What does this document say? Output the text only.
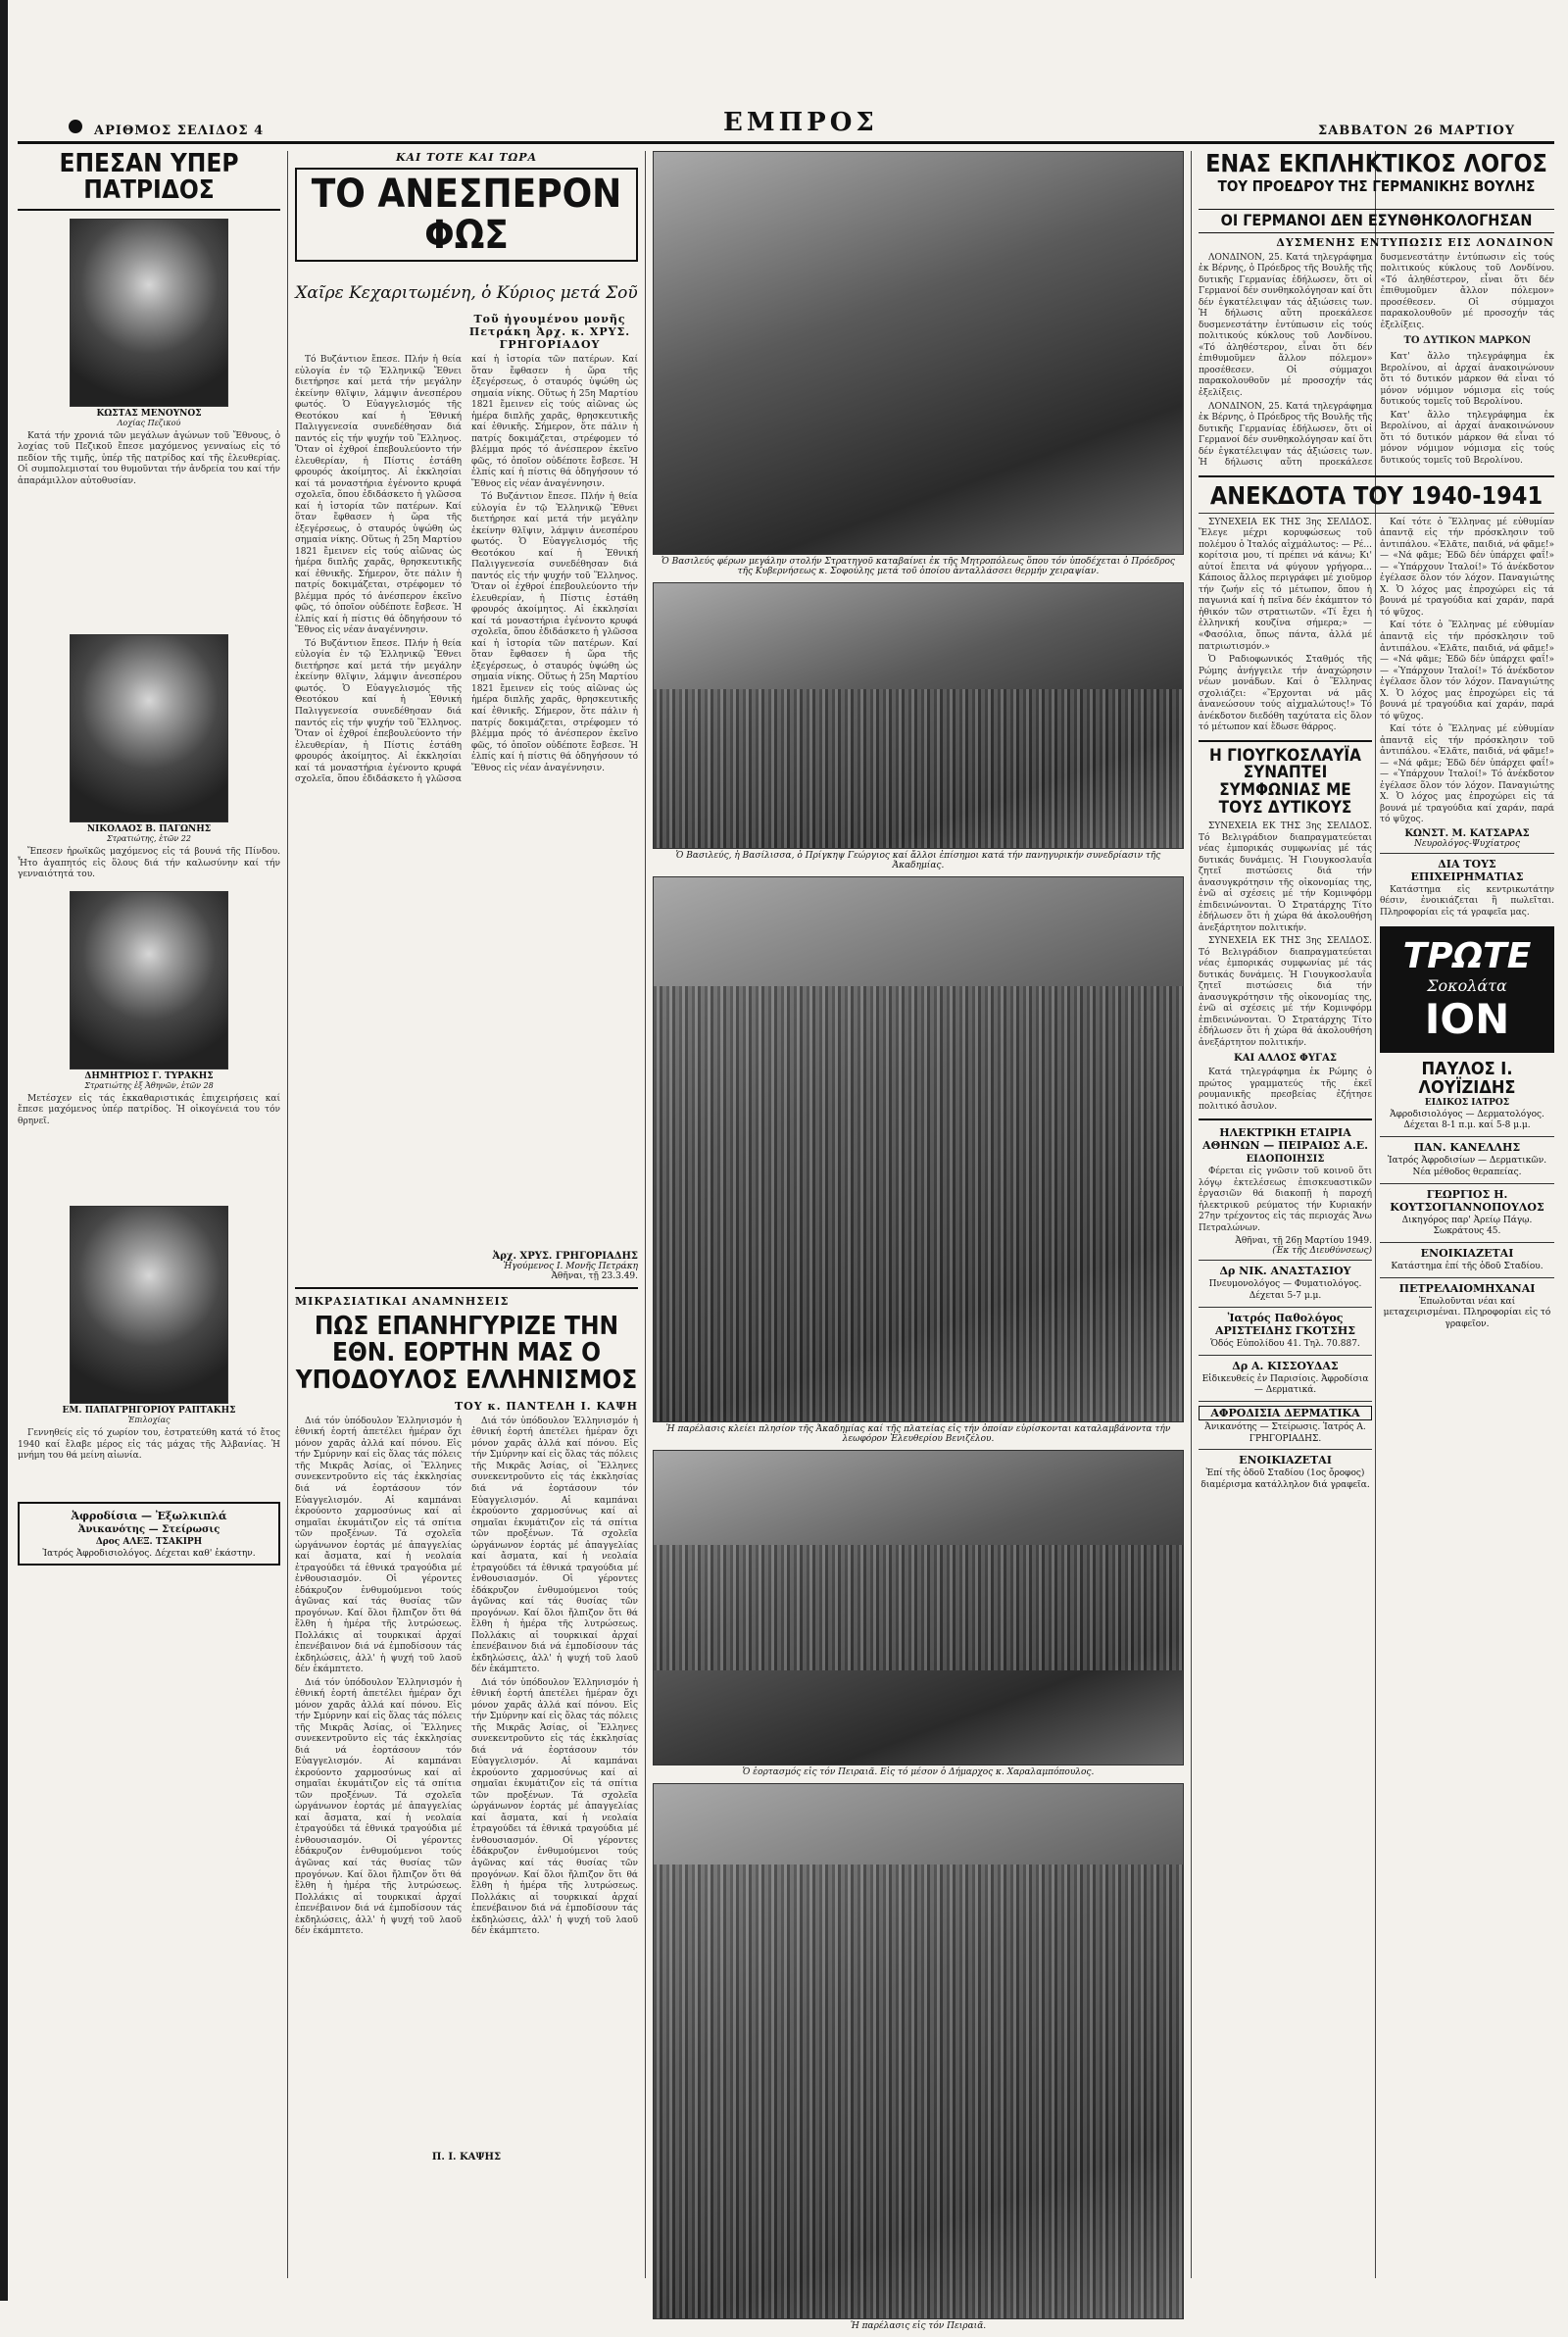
ΑΡΙΘΜΟΣ ΣΕΛΙΔΟΣ 4	ΕΜΠΡΟΣ	ΣΑΒΒΑΤΟΝ 26 ΜΑΡΤΙΟΥ
ΕΠΕΣΑΝ ΥΠΕΡ ΠΑΤΡΙΔΟΣ
ΚΩΣΤΑΣ ΜΕΝΟΥΝΟΣ
Λοχίας Πεζικού

Κατά τήν χρονιά τῶν μεγάλων ἀγώνων τοῦ Ἔθνους, ὁ λοχίας τοῦ Πεζικοῦ ἔπεσε μαχόμενος γενναίως εἰς τό πεδίον τῆς τιμῆς, ὑπέρ τῆς πατρίδος καί τῆς ἐλευθερίας. Οἱ συμπολεμισταί του θυμοῦνται τήν ἀνδρεία του καί τήν ἀπαράμιλλον αὐτοθυσίαν.

ΝΙΚΟΛΑΟΣ Β. ΠΑΓΩΝΗΣ
Στρατιώτης, ἐτῶν 22

Ἔπεσεν ἡρωϊκῶς μαχόμενος εἰς τά βουνά τῆς Πίνδου. Ἦτο ἀγαπητός εἰς ὅλους διά τήν καλωσύνην καί τήν γενναιότητά του.

ΔΗΜΗΤΡΙΟΣ Γ. ΤΥΡΑΚΗΣ
Στρατιώτης ἐξ Ἀθηνῶν, ἐτῶν 28

Μετέσχεν εἰς τάς ἐκκαθαριστικάς ἐπιχειρήσεις καί ἔπεσε μαχόμενος ὑπέρ πατρίδος. Ἡ οἰκογένειά του τόν θρηνεῖ.

ΕΜ. ΠΑΠΑΓΡΗΓΟΡΙΟΥ ΡΑΠΤΑΚΗΣ
Ἐπιλοχίας

Γεννηθείς εἰς τό χωρίον του, ἐστρατεύθη κατά τό ἔτος 1940 καί ἔλαβε μέρος εἰς τάς μάχας τῆς Ἀλβανίας. Ἡ μνήμη του θά μείνη αἰωνία.

Ἀφροδίσια — Ἐξωλκιπλά
Ἀνικανότης — Στείρωσις
Δρος ΑΛΕΞ. ΤΣΑΚΙΡΗ
Ἰατρός Ἀφροδισιολόγος. Δέχεται καθ' ἑκάστην.
ΚΑΙ ΤΟΤΕ ΚΑΙ ΤΩΡΑ
ΤΟ ΑΝΕΣΠΕΡΟΝ ΦΩΣ
Χαῖρε Κεχαριτωμένη, ὁ Κύριος μετά Σοῦ
Τοῦ ἡγουμένου μονῆς Πετράκη Ἀρχ. κ. ΧΡΥΣ. ΓΡΗΓΟΡΙΑΔΟΥ

Τό Βυζάντιον ἔπεσε. Πλήν ἡ θεία εὐλογία ἐν τῷ Ἑλληνικῷ Ἔθνει διετήρησε καί μετά τήν μεγάλην ἐκείνην θλῖψιν, λάμψιν ἀνεσπέρου φωτός. Ὁ Εὐαγγελισμός τῆς Θεοτόκου καί ἡ Ἐθνική Παλιγγενεσία συνεδέθησαν διά παντός εἰς τήν ψυχήν τοῦ Ἕλληνος. Ὅταν οἱ ἐχθροί ἐπεβουλεύοντο τήν ἐλευθερίαν, ἡ Πίστις ἐστάθη φρουρός ἀκοίμητος. Αἱ ἐκκλησίαι καί τά μοναστήρια ἐγένοντο κρυφά σχολεῖα, ὅπου ἐδιδάσκετο ἡ γλῶσσα καί ἡ ἱστορία τῶν πατέρων. Καί ὅταν ἔφθασεν ἡ ὥρα τῆς ἐξεγέρσεως, ὁ σταυρός ὑψώθη ὡς σημαία νίκης. Οὕτως ἡ 25η Μαρτίου 1821 ἔμεινεν εἰς τούς αἰῶνας ὡς ἡμέρα διπλῆς χαρᾶς, θρησκευτικῆς καί ἐθνικῆς. Σήμερον, ὅτε πάλιν ἡ πατρίς δοκιμάζεται, στρέφομεν τό βλέμμα πρός τό ἀνέσπερον ἐκεῖνο φῶς, τό ὁποῖον οὐδέποτε ἔσβεσε. Ἡ ἐλπίς καί ἡ πίστις θά ὁδηγήσουν τό Ἔθνος εἰς νέαν ἀναγέννησιν.

Τό Βυζάντιον ἔπεσε. Πλήν ἡ θεία εὐλογία ἐν τῷ Ἑλληνικῷ Ἔθνει διετήρησε καί μετά τήν μεγάλην ἐκείνην θλῖψιν, λάμψιν ἀνεσπέρου φωτός. Ὁ Εὐαγγελισμός τῆς Θεοτόκου καί ἡ Ἐθνική Παλιγγενεσία συνεδέθησαν διά παντός εἰς τήν ψυχήν τοῦ Ἕλληνος. Ὅταν οἱ ἐχθροί ἐπεβουλεύοντο τήν ἐλευθερίαν, ἡ Πίστις ἐστάθη φρουρός ἀκοίμητος. Αἱ ἐκκλησίαι καί τά μοναστήρια ἐγένοντο κρυφά σχολεῖα, ὅπου ἐδιδάσκετο ἡ γλῶσσα καί ἡ ἱστορία τῶν πατέρων. Καί ὅταν ἔφθασεν ἡ ὥρα τῆς ἐξεγέρσεως, ὁ σταυρός ὑψώθη ὡς σημαία νίκης. Οὕτως ἡ 25η Μαρτίου 1821 ἔμεινεν εἰς τούς αἰῶνας ὡς ἡμέρα διπλῆς χαρᾶς, θρησκευτικῆς καί ἐθνικῆς. Σήμερον, ὅτε πάλιν ἡ πατρίς δοκιμάζεται, στρέφομεν τό βλέμμα πρός τό ἀνέσπερον ἐκεῖνο φῶς, τό ὁποῖον οὐδέποτε ἔσβεσε. Ἡ ἐλπίς καί ἡ πίστις θά ὁδηγήσουν τό Ἔθνος εἰς νέαν ἀναγέννησιν.

Τό Βυζάντιον ἔπεσε. Πλήν ἡ θεία εὐλογία ἐν τῷ Ἑλληνικῷ Ἔθνει διετήρησε καί μετά τήν μεγάλην ἐκείνην θλῖψιν, λάμψιν ἀνεσπέρου φωτός. Ὁ Εὐαγγελισμός τῆς Θεοτόκου καί ἡ Ἐθνική Παλιγγενεσία συνεδέθησαν διά παντός εἰς τήν ψυχήν τοῦ Ἕλληνος. Ὅταν οἱ ἐχθροί ἐπεβουλεύοντο τήν ἐλευθερίαν, ἡ Πίστις ἐστάθη φρουρός ἀκοίμητος. Αἱ ἐκκλησίαι καί τά μοναστήρια ἐγένοντο κρυφά σχολεῖα, ὅπου ἐδιδάσκετο ἡ γλῶσσα καί ἡ ἱστορία τῶν πατέρων. Καί ὅταν ἔφθασεν ἡ ὥρα τῆς ἐξεγέρσεως, ὁ σταυρός ὑψώθη ὡς σημαία νίκης. Οὕτως ἡ 25η Μαρτίου 1821 ἔμεινεν εἰς τούς αἰῶνας ὡς ἡμέρα διπλῆς χαρᾶς, θρησκευτικῆς καί ἐθνικῆς. Σήμερον, ὅτε πάλιν ἡ πατρίς δοκιμάζεται, στρέφομεν τό βλέμμα πρός τό ἀνέσπερον ἐκεῖνο φῶς, τό ὁποῖον οὐδέποτε ἔσβεσε. Ἡ ἐλπίς καί ἡ πίστις θά ὁδηγήσουν τό Ἔθνος εἰς νέαν ἀναγέννησιν.

Ἀρχ. ΧΡΥΣ. ΓΡΗΓΟΡΙΑΔΗΣ
Ἡγούμενος Ι. Μονῆς Πετράκη
Ἀθῆναι, τῇ 23.3.49.
ΜΙΚΡΑΣΙΑΤΙΚΑΙ ΑΝΑΜΝΗΣΕΙΣ
ΠΩΣ ΕΠΑΝΗΓΥΡΙΖΕ ΤΗΝ ΕΘΝ. ΕΟΡΤΗΝ ΜΑΣ Ο ΥΠΟΔΟΥΛΟΣ ΕΛΛΗΝΙΣΜΟΣ
ΤΟΥ κ. ΠΑΝΤΕΛΗ Ι. ΚΑΨΗ

Διά τόν ὑπόδουλον Ἑλληνισμόν ἡ ἐθνική ἑορτή ἀπετέλει ἡμέραν ὄχι μόνον χαρᾶς ἀλλά καί πόνου. Εἰς τήν Σμύρνην καί εἰς ὅλας τάς πόλεις τῆς Μικρᾶς Ἀσίας, οἱ Ἕλληνες συνεκεντροῦντο εἰς τάς ἐκκλησίας διά νά ἑορτάσουν τόν Εὐαγγελισμόν. Αἱ καμπάναι ἐκρούοντο χαρμοσύνως καί αἱ σημαῖαι ἐκυμάτιζον εἰς τά σπίτια τῶν προξένων. Τά σχολεῖα ὠργάνωνον ἐορτάς μέ ἀπαγγελίας καί ἄσματα, καί ἡ νεολαία ἐτραγούδει τά ἐθνικά τραγούδια μέ ἐνθουσιασμόν. Οἱ γέροντες ἐδάκρυζον ἐνθυμούμενοι τούς ἀγῶνας καί τάς θυσίας τῶν προγόνων. Καί ὅλοι ἤλπιζον ὅτι θά ἔλθη ἡ ἡμέρα τῆς λυτρώσεως. Πολλάκις αἱ τουρκικαί ἀρχαί ἐπενέβαινον διά νά ἐμποδίσουν τάς ἐκδηλώσεις, ἀλλ' ἡ ψυχή τοῦ λαοῦ δέν ἐκάμπτετο.

Διά τόν ὑπόδουλον Ἑλληνισμόν ἡ ἐθνική ἑορτή ἀπετέλει ἡμέραν ὄχι μόνον χαρᾶς ἀλλά καί πόνου. Εἰς τήν Σμύρνην καί εἰς ὅλας τάς πόλεις τῆς Μικρᾶς Ἀσίας, οἱ Ἕλληνες συνεκεντροῦντο εἰς τάς ἐκκλησίας διά νά ἑορτάσουν τόν Εὐαγγελισμόν. Αἱ καμπάναι ἐκρούοντο χαρμοσύνως καί αἱ σημαῖαι ἐκυμάτιζον εἰς τά σπίτια τῶν προξένων. Τά σχολεῖα ὠργάνωνον ἐορτάς μέ ἀπαγγελίας καί ἄσματα, καί ἡ νεολαία ἐτραγούδει τά ἐθνικά τραγούδια μέ ἐνθουσιασμόν. Οἱ γέροντες ἐδάκρυζον ἐνθυμούμενοι τούς ἀγῶνας καί τάς θυσίας τῶν προγόνων. Καί ὅλοι ἤλπιζον ὅτι θά ἔλθη ἡ ἡμέρα τῆς λυτρώσεως. Πολλάκις αἱ τουρκικαί ἀρχαί ἐπενέβαινον διά νά ἐμποδίσουν τάς ἐκδηλώσεις, ἀλλ' ἡ ψυχή τοῦ λαοῦ δέν ἐκάμπτετο.

Διά τόν ὑπόδουλον Ἑλληνισμόν ἡ ἐθνική ἑορτή ἀπετέλει ἡμέραν ὄχι μόνον χαρᾶς ἀλλά καί πόνου. Εἰς τήν Σμύρνην καί εἰς ὅλας τάς πόλεις τῆς Μικρᾶς Ἀσίας, οἱ Ἕλληνες συνεκεντροῦντο εἰς τάς ἐκκλησίας διά νά ἑορτάσουν τόν Εὐαγγελισμόν. Αἱ καμπάναι ἐκρούοντο χαρμοσύνως καί αἱ σημαῖαι ἐκυμάτιζον εἰς τά σπίτια τῶν προξένων. Τά σχολεῖα ὠργάνωνον ἐορτάς μέ ἀπαγγελίας καί ἄσματα, καί ἡ νεολαία ἐτραγούδει τά ἐθνικά τραγούδια μέ ἐνθουσιασμόν. Οἱ γέροντες ἐδάκρυζον ἐνθυμούμενοι τούς ἀγῶνας καί τάς θυσίας τῶν προγόνων. Καί ὅλοι ἤλπιζον ὅτι θά ἔλθη ἡ ἡμέρα τῆς λυτρώσεως. Πολλάκις αἱ τουρκικαί ἀρχαί ἐπενέβαινον διά νά ἐμποδίσουν τάς ἐκδηλώσεις, ἀλλ' ἡ ψυχή τοῦ λαοῦ δέν ἐκάμπτετο.

Διά τόν ὑπόδουλον Ἑλληνισμόν ἡ ἐθνική ἑορτή ἀπετέλει ἡμέραν ὄχι μόνον χαρᾶς ἀλλά καί πόνου. Εἰς τήν Σμύρνην καί εἰς ὅλας τάς πόλεις τῆς Μικρᾶς Ἀσίας, οἱ Ἕλληνες συνεκεντροῦντο εἰς τάς ἐκκλησίας διά νά ἑορτάσουν τόν Εὐαγγελισμόν. Αἱ καμπάναι ἐκρούοντο χαρμοσύνως καί αἱ σημαῖαι ἐκυμάτιζον εἰς τά σπίτια τῶν προξένων. Τά σχολεῖα ὠργάνωνον ἐορτάς μέ ἀπαγγελίας καί ἄσματα, καί ἡ νεολαία ἐτραγούδει τά ἐθνικά τραγούδια μέ ἐνθουσιασμόν. Οἱ γέροντες ἐδάκρυζον ἐνθυμούμενοι τούς ἀγῶνας καί τάς θυσίας τῶν προγόνων. Καί ὅλοι ἤλπιζον ὅτι θά ἔλθη ἡ ἡμέρα τῆς λυτρώσεως. Πολλάκις αἱ τουρκικαί ἀρχαί ἐπενέβαινον διά νά ἐμποδίσουν τάς ἐκδηλώσεις, ἀλλ' ἡ ψυχή τοῦ λαοῦ δέν ἐκάμπτετο.

Π. Ι. ΚΑΨΗΣ
Ὁ Βασιλεύς φέρων μεγάλην στολήν Στρατηγοῦ καταβαίνει ἐκ τῆς Μητροπόλεως ὅπου τόν ὑποδέχεται ὁ Πρόεδρος τῆς Κυβερνήσεως κ. Σοφούλης μετά τοῦ ὁποίου ἀνταλλάσσει θερμήν χειραψίαν.
Ὁ Βασιλεύς, ἡ Βασίλισσα, ὁ Πρίγκηψ Γεώργιος καί ἄλλοι ἐπίσημοι κατά τήν πανηγυρικήν συνεδρίασιν τῆς Ἀκαδημίας.
Ἡ παρέλασις κλείει πλησίον τῆς Ἀκαδημίας καί τῆς πλατείας εἰς τήν ὁποίαν εὑρίσκονται καταλαμβάνοντα τήν λεωφόρον Ἐλευθερίου Βενιζέλου.
Ὁ ἑορτασμός εἰς τόν Πειραιᾶ. Εἰς τό μέσον ὁ Δήμαρχος κ. Χαραλαμπόπουλος.
Ἡ παρέλασις εἰς τόν Πειραιᾶ.
ΕΝΑΣ ΕΚΠΛΗΚΤΙΚΟΣ ΛΟΓΟΣ
ΤΟΥ ΠΡΟΕΔΡΟΥ ΤΗΣ ΓΕΡΜΑΝΙΚΗΣ ΒΟΥΛΗΣ
ΟΙ ΓΕΡΜΑΝΟΙ ΔΕΝ ΕΣΥΝΘΗΚΟΛΟΓΗΣΑΝ
ΔΥΣΜΕΝΗΣ ΕΝΤΥΠΩΣΙΣ ΕΙΣ ΛΟΝΔΙΝΟΝ

ΛΟΝΔΙΝΟΝ, 25. Κατά τηλεγράφημα ἐκ Βέρνης, ὁ Πρόεδρος τῆς Βουλῆς τῆς δυτικῆς Γερμανίας ἐδήλωσεν, ὅτι οἱ Γερμανοί δέν συνθηκολόγησαν καί ὅτι δέν ἐγκατέλειψαν τάς ἀξιώσεις των. Ἡ δήλωσις αὕτη προεκάλεσε δυσμενεστάτην ἐντύπωσιν εἰς τούς πολιτικούς κύκλους τοῦ Λονδίνου. «Τό ἀληθέστερον, εἶναι ὅτι δέν ἐπιθυμοῦμεν ἄλλον πόλεμον» προσέθεσεν. Οἱ σύμμαχοι παρακολουθοῦν μέ προσοχήν τάς ἐξελίξεις.

ΛΟΝΔΙΝΟΝ, 25. Κατά τηλεγράφημα ἐκ Βέρνης, ὁ Πρόεδρος τῆς Βουλῆς τῆς δυτικῆς Γερμανίας ἐδήλωσεν, ὅτι οἱ Γερμανοί δέν συνθηκολόγησαν καί ὅτι δέν ἐγκατέλειψαν τάς ἀξιώσεις των. Ἡ δήλωσις αὕτη προεκάλεσε δυσμενεστάτην ἐντύπωσιν εἰς τούς πολιτικούς κύκλους τοῦ Λονδίνου. «Τό ἀληθέστερον, εἶναι ὅτι δέν ἐπιθυμοῦμεν ἄλλον πόλεμον» προσέθεσεν. Οἱ σύμμαχοι παρακολουθοῦν μέ προσοχήν τάς ἐξελίξεις.

ΤΟ ΔΥΤΙΚΟΝ ΜΑΡΚΟΝ

Κατ' ἄλλο τηλεγράφημα ἐκ Βερολίνου, αἱ ἀρχαί ἀνακοινώνουν ὅτι τό δυτικόν μάρκον θά εἶναι τό μόνον νόμιμον νόμισμα εἰς τούς δυτικούς τομεῖς τοῦ Βερολίνου.

Κατ' ἄλλο τηλεγράφημα ἐκ Βερολίνου, αἱ ἀρχαί ἀνακοινώνουν ὅτι τό δυτικόν μάρκον θά εἶναι τό μόνον νόμιμον νόμισμα εἰς τούς δυτικούς τομεῖς τοῦ Βερολίνου.

ΑΝΕΚΔΟΤΑ ΤΟΥ 1940-1941

ΣΥΝΕΧΕΙΑ ΕΚ ΤΗΣ 3ης ΣΕΛΙΔΟΣ. Ἔλεγε μέχρι κορυφώσεως τοῦ πολέμου ὁ Ἰταλός αἰχμάλωτος: — Ρέ... κορίτσια μου, τί πρέπει νά κάνω; Κι' αὐτοί ἔπειτα νά φύγουν γρήγορα... Κάποιος ἄλλος περιγράφει μέ χιοῦμορ τήν ζωήν εἰς τό μέτωπον, ὅπου ἡ παγωνιά καί ἡ πεῖνα δέν ἐκάμπτον τό ἠθικόν τῶν στρατιωτῶν. «Τί ἔχει ἡ ἑλληνική κουζίνα σήμερα;» — «Φασόλια, ὅπως πάντα, ἀλλά μέ πατριωτισμόν.»

Ὁ Ραδιοφωνικός Σταθμός τῆς Ρώμης ἀνήγγειλε τήν ἀναχώρησιν νέων μονάδων. Καί ὁ Ἕλληνας σχολιάζει: «Ἔρχονται νά μᾶς ἀνανεώσουν τούς αἰχμαλώτους!» Τό ἀνέκδοτον διεδόθη ταχύτατα εἰς ὅλον τό μέτωπον καί ἔδωσε θάρρος.

Η ΓΙΟΥΓΚΟΣΛΑΥΪΑ ΣΥΝΑΠΤΕΙ ΣΥΜΦΩΝΙΑΣ ΜΕ ΤΟΥΣ ΔΥΤΙΚΟΥΣ

ΣΥΝΕΧΕΙΑ ΕΚ ΤΗΣ 3ης ΣΕΛΙΔΟΣ. Τό Βελιγράδιον διαπραγματεύεται νέας ἐμπορικάς συμφωνίας μέ τάς δυτικάς δυνάμεις. Ἡ Γιουγκοσλαυΐα ζητεῖ πιστώσεις διά τήν ἀνασυγκρότησιν τῆς οἰκονομίας της, ἐνῶ αἱ σχέσεις μέ τήν Κομινφόρμ ἐπιδεινώνονται. Ὁ Στρατάρχης Τίτο ἐδήλωσεν ὅτι ἡ χώρα θά ἀκολουθήση ἀνεξάρτητον πολιτικήν.

ΣΥΝΕΧΕΙΑ ΕΚ ΤΗΣ 3ης ΣΕΛΙΔΟΣ. Τό Βελιγράδιον διαπραγματεύεται νέας ἐμπορικάς συμφωνίας μέ τάς δυτικάς δυνάμεις. Ἡ Γιουγκοσλαυΐα ζητεῖ πιστώσεις διά τήν ἀνασυγκρότησιν τῆς οἰκονομίας της, ἐνῶ αἱ σχέσεις μέ τήν Κομινφόρμ ἐπιδεινώνονται. Ὁ Στρατάρχης Τίτο ἐδήλωσεν ὅτι ἡ χώρα θά ἀκολουθήση ἀνεξάρτητον πολιτικήν.

ΚΑΙ ΑΛΛΟΣ ΦΥΓΑΣ

Κατά τηλεγράφημα ἐκ Ρώμης ὁ πρώτος γραμματεύς τῆς ἐκεῖ ρουμανικῆς πρεσβείας ἐζήτησε πολιτικό ἄσυλον.

ΗΛΕΚΤΡΙΚΗ ΕΤΑΙΡΙΑ ΑΘΗΝΩΝ — ΠΕΙΡΑΙΩΣ Α.Ε.
ΕΙΔΟΠΟΙΗΣΙΣ

Φέρεται εἰς γνῶσιν τοῦ κοινοῦ ὅτι λόγῳ ἐκτελέσεως ἐπισκευαστικῶν ἐργασιῶν θά διακοπῇ ἡ παροχή ἠλεκτρικοῦ ρεύματος τήν Κυριακήν 27ην τρέχοντος εἰς τάς περιοχάς Ἄνω Πετραλώνων.

Ἀθῆναι, τῇ 26ῃ Μαρτίου 1949.
(Ἐκ τῆς Διευθύνσεως)
Δρ ΝΙΚ. ΑΝΑΣΤΑΣΙΟΥ
Πνευμονολόγος — Φυματιολόγος. Δέχεται 5-7 μ.μ.
Ἰατρός Παθολόγος ΑΡΙΣΤΕΙΔΗΣ ΓΚΟΤΣΗΣ
Ὁδός Εὐπολίδου 41. Τηλ. 70.887.
Δρ Α. ΚΙΣΣΟΥΔΑΣ
Εἰδικευθείς ἐν Παρισίοις. Ἀφροδίσια — Δερματικά.
ΑΦΡΟΔΙΣΙΑ ΔΕΡΜΑΤΙΚΑ
Ἀνικανότης — Στείρωσις. Ἰατρός Α. ΓΡΗΓΟΡΙΑΔΗΣ.
ΕΝΟΙΚΙΑΖΕΤΑΙ
Ἐπί τῆς ὁδοῦ Σταδίου (1ος ὄροφος) διαμέρισμα κατάλληλον διά γραφεῖα.

Καί τότε ὁ Ἕλληνας μέ εὐθυμίαν ἀπαντᾷ εἰς τήν πρόσκλησιν τοῦ ἀντιπάλου. «Ἐλᾶτε, παιδιά, νά φᾶμε!» — «Νά φᾶμε; Ἐδῶ δέν ὑπάρχει φαΐ!» — «Ὑπάρχουν Ἰταλοί!» Τό ἀνέκδοτον ἐγέλασε ὅλον τόν λόχον. Παναγιώτης Χ. Ὁ λόχος μας ἐπροχώρει εἰς τά βουνά μέ τραγούδια καί χαράν, παρά τό ψῦχος.

Καί τότε ὁ Ἕλληνας μέ εὐθυμίαν ἀπαντᾷ εἰς τήν πρόσκλησιν τοῦ ἀντιπάλου. «Ἐλᾶτε, παιδιά, νά φᾶμε!» — «Νά φᾶμε; Ἐδῶ δέν ὑπάρχει φαΐ!» — «Ὑπάρχουν Ἰταλοί!» Τό ἀνέκδοτον ἐγέλασε ὅλον τόν λόχον. Παναγιώτης Χ. Ὁ λόχος μας ἐπροχώρει εἰς τά βουνά μέ τραγούδια καί χαράν, παρά τό ψῦχος.

Καί τότε ὁ Ἕλληνας μέ εὐθυμίαν ἀπαντᾷ εἰς τήν πρόσκλησιν τοῦ ἀντιπάλου. «Ἐλᾶτε, παιδιά, νά φᾶμε!» — «Νά φᾶμε; Ἐδῶ δέν ὑπάρχει φαΐ!» — «Ὑπάρχουν Ἰταλοί!» Τό ἀνέκδοτον ἐγέλασε ὅλον τόν λόχον. Παναγιώτης Χ. Ὁ λόχος μας ἐπροχώρει εἰς τά βουνά μέ τραγούδια καί χαράν, παρά τό ψῦχος.

ΚΩΝΣΤ. Μ. ΚΑΤΣΑΡΑΣ
Νευρολόγος-Ψυχίατρος
ΔΙΑ ΤΟΥΣ ΕΠΙΧΕΙΡΗΜΑΤΙΑΣ

Κατάστημα εἰς κεντρικωτάτην θέσιν, ἐνοικιάζεται ἢ πωλεῖται. Πληροφορίαι εἰς τά γραφεῖα μας.

ΤΡΩΤΕ
Σοκολάτα
ΙΟΝ
ΠΑΥΛΟΣ Ι. ΛΟΥΪΖΙΔΗΣ
ΕΙΔΙΚΟΣ ΙΑΤΡΟΣ
Ἀφροδισιολόγος — Δερματολόγος. Δέχεται 8-1 π.μ. καί 5-8 μ.μ.
ΠΑΝ. ΚΑΝΕΛΛΗΣ
Ἰατρός Ἀφροδισίων — Δερματικῶν. Νέα μέθοδος θεραπείας.
ΓΕΩΡΓΙΟΣ Η. ΚΟΥΤΣΟΓΙΑΝΝΟΠΟΥΛΟΣ
Δικηγόρος παρ' Ἀρείῳ Πάγῳ. Σωκράτους 45.
ΕΝΟΙΚΙΑΖΕΤΑΙ
Κατάστημα ἐπί τῆς ὁδοῦ Σταδίου.
ΠΕΤΡΕΛΑΙΟΜΗΧΑΝΑΙ
Ἐπωλοῦνται νέαι καί μεταχειρισμέναι. Πληροφορίαι εἰς τό γραφεῖον.
